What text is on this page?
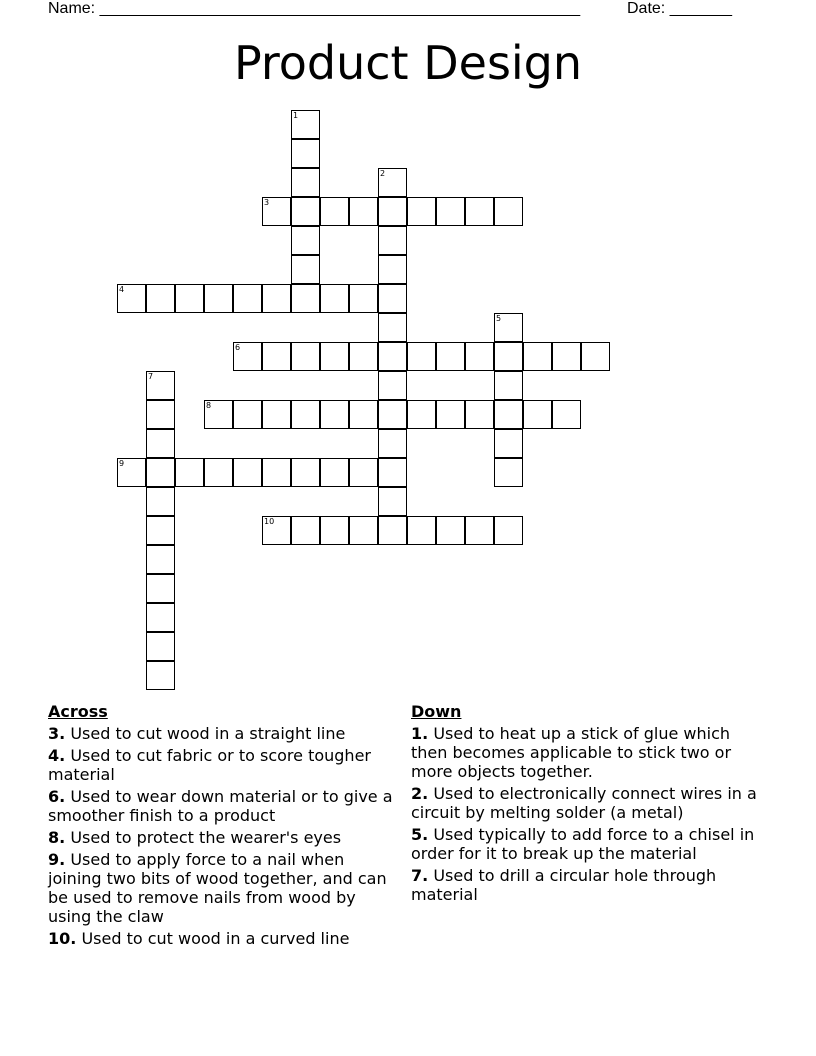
Name: ______________________________________________________	Date: _______
Product Design
1
2
3
4
5
6
7
8
9
10
Across
3. Used to cut wood in a straight line
4. Used to cut fabric or to score tougher material
6. Used to wear down material or to give a smoother finish to a product
8. Used to protect the wearer's eyes
9. Used to apply force to a nail when joining two bits of wood together, and can be used to remove nails from wood by using the claw
10. Used to cut wood in a curved line
Down
1. Used to heat up a stick of glue which then becomes applicable to stick two or more objects together.
2. Used to electronically connect wires in a circuit by melting solder (a metal)
5. Used typically to add force to a chisel in order for it to break up the material
7. Used to drill a circular hole through material
